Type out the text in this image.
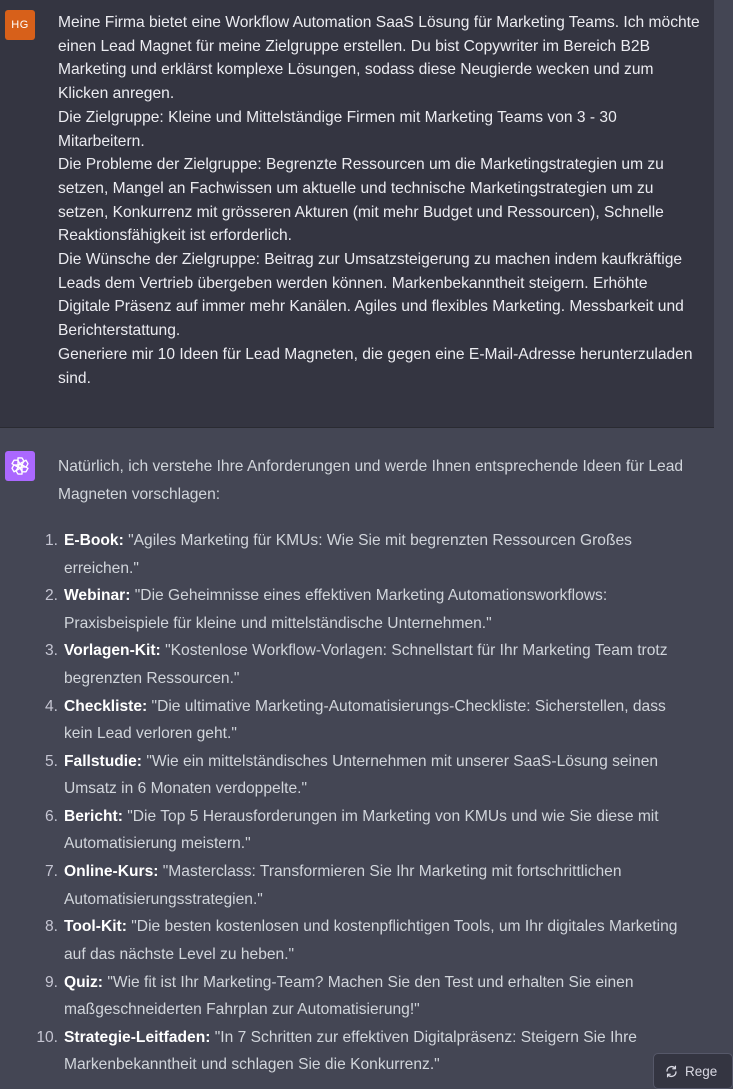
HG	Meine Firma bietet eine Workflow Automation SaaS Lösung für Marketing Teams. Ich möchte einen Lead Magnet für meine Zielgruppe erstellen. Du bist Copywriter im Bereich B2B Marketing und erklärst komplexe Lösungen, sodass diese Neugierde wecken und zum Klicken anregen.

Die Zielgruppe: Kleine und Mittelständige Firmen mit Marketing Teams von 3 - 30 Mitarbeitern.

Die Probleme der Zielgruppe: Begrenzte Ressourcen um die Marketingstrategien um zu setzen, Mangel an Fachwissen um aktuelle und technische Marketingstrategien um zu setzen, Konkurrenz mit grösseren Akturen (mit mehr Budget und Ressourcen), Schnelle Reaktionsfähigkeit ist erforderlich.

Die Wünsche der Zielgruppe: Beitrag zur Umsatzsteigerung zu machen indem kaufkräftige Leads dem Vertrieb übergeben werden können. Markenbekanntheit steigern. Erhöhte Digitale Präsenz auf immer mehr Kanälen. Agiles und flexibles Marketing. Messbarkeit und Berichterstattung.

Generiere mir 10 Ideen für Lead Magneten, die gegen eine E-Mail-Adresse herunterzuladen sind.

Natürlich, ich verstehe Ihre Anforderungen und werde Ihnen entsprechende Ideen für Lead Magneten vorschlagen:

1. E-Book: "Agiles Marketing für KMUs: Wie Sie mit begrenzten Ressourcen Großes erreichen."
2. Webinar: "Die Geheimnisse eines effektiven Marketing Automationsworkflows: Praxisbeispiele für kleine und mittelständische Unternehmen."
3. Vorlagen-Kit: "Kostenlose Workflow-Vorlagen: Schnellstart für Ihr Marketing Team trotz begrenzten Ressourcen."
4. Checkliste: "Die ultimative Marketing-Automatisierungs-Checkliste: Sicherstellen, dass kein Lead verloren geht."
5. Fallstudie: "Wie ein mittelständisches Unternehmen mit unserer SaaS-Lösung seinen Umsatz in 6 Monaten verdoppelte."
6. Bericht: "Die Top 5 Herausforderungen im Marketing von KMUs und wie Sie diese mit Automatisierung meistern."
7. Online-Kurs: "Masterclass: Transformieren Sie Ihr Marketing mit fortschrittlichen Automatisierungsstrategien."
8. Tool-Kit: "Die besten kostenlosen und kostenpflichtigen Tools, um Ihr digitales Marketing auf das nächste Level zu heben."
9. Quiz: "Wie fit ist Ihr Marketing-Team? Machen Sie den Test und erhalten Sie einen maßgeschneiderten Fahrplan zur Automatisierung!"
10. Strategie-Leitfaden: "In 7 Schritten zur effektiven Digitalpräsenz: Steigern Sie Ihre Markenbekanntheit und schlagen Sie die Konkurrenz."	Rege
